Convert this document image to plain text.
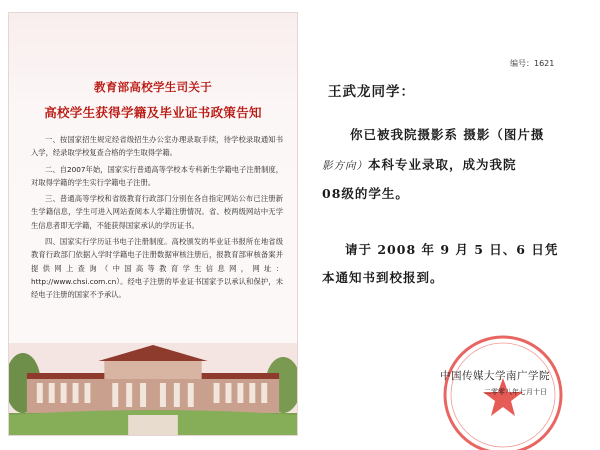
教育部高校学生司关于
高校学生获得学籍及毕业证书政策告知

一、按国家招生规定经省级招生办公室办理录取手续，待学校录取通知书入学，经录取学校复查合格的学生取得学籍。

二、自2007年始，国家实行普通高等学校本专科新生学籍电子注册制度，对取得学籍的学生实行学籍电子注册。

三、普通高等学校和省级教育行政部门分别在各自指定网站公布已注册新生学籍信息，学生可进入网站查阅本人学籍注册情况。省、校两级网站中无学生信息者即无学籍，不能获得国家承认的学历证书。

四、国家实行学历证书电子注册制度。高校颁发的毕业证书报所在地省级教育行政部门依据入学时学籍电子注册数据审核注册后，报教育部审核备案并提供网上查询（中国高等教育学生信息网，网址：http://www.chsi.com.cn）。经电子注册的毕业证书国家予以承认和保护，未经电子注册的国家不予承认。

编号：1621
王武龙同学：
你已被我院摄影系 摄影（图片摄
影方向）本科专业录取，成为我院
08级的学生。
请于 2008 年 9 月 5 日、6 日凭
本通知书到校报到。
中国传媒大学南广学院
二零零八年七月十日
